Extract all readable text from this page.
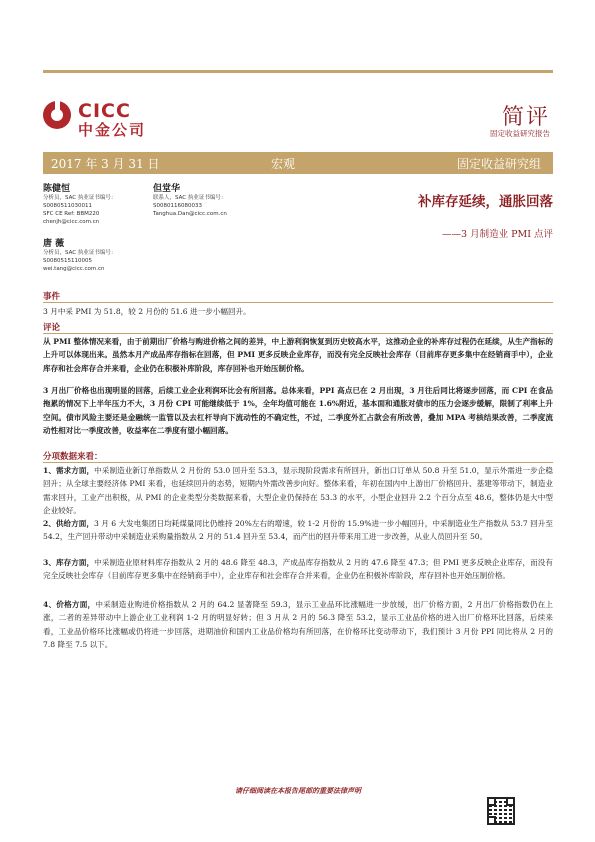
CICC
中金公司	简评
固定收益研究报告
2017 年 3 月 31 日	宏观	固定收益研究组
陈健恒
分析员，SAC 执业证书编号：
S0080511030011
SFC CE Ref: BBM220
chenjh@cicc.com.cn
但堂华
联系人，SAC 执业证书编号：
S0080116080033
Tanghua.Dan@cicc.com.cn
唐 薇
分析员，SAC 执业证书编号：
S0080515110005
wei.tang@cicc.com.cn
补库存延续，通胀回落
——3 月制造业 PMI 点评
事件
3 月中采 PMI 为 51.8，较 2 月份的 51.6 进一步小幅回升。
评论
从 PMI 整体情况来看，由于前期出厂价格与购进价格之间的差异，中上游利润恢复到历史较高水平，这推动企业的补库存过程仍在延续，从生产指标的上升可以体现出来。虽然本月产成品库存指标在回落，但 PMI 更多反映企业库存，而没有完全反映社会库存（目前库存更多集中在经销商手中），企业库存和社会库存合并来看，企业仍在积极补库阶段，库存回补也开始压制价格。
3 月出厂价格也出现明显的回落，后续工业企业利润环比会有所回落。总体来看，PPI 高点已在 2 月出现，3 月往后同比将逐步回落，而 CPI 在食品拖累的情况下上半年压力不大，3 月份 CPI 可能继续低于 1%，全年均值可能在 1.6%附近，基本面和通胀对债市的压力会逐步缓解，限制了利率上升空间。债市风险主要还是金融统一监管以及去杠杆导向下流动性的不确定性，不过，二季度外汇占款会有所改善，叠加 MPA 考核结果改善，二季度流动性相对比一季度改善，收益率在二季度有望小幅回落。
分项数据来看：
1、需求方面，中采制造业新订单指数从 2 月份的 53.0 回升至 53.3，显示现阶段需求有所回升，新出口订单从 50.8 升至 51.0，显示外需进一步企稳回升；从全球主要经济体 PMI 来看，也延续回升的态势，短期内外需改善步向好。整体来看，年初在国内中上游出厂价格回升、基建等带动下，制造业需求回升，工业产出积极，从 PMI 的企业类型分类数据来看，大型企业仍保持在 53.3 的水平，小型企业回升 2.2 个百分点至 48.6，整体仍是大中型企业较好。
2、供给方面，3 月 6 大发电集团日均耗煤量同比仍维持 20%左右的增速，较 1-2 月份的 15.9%进一步小幅回升，中采制造业生产指数从 53.7 回升至 54.2，生产回升带动中采制造业采购量指数从 2 月的 51.4 回升至 53.4，而产出的回升带来用工进一步改善，从业人员回升至 50。
3、库存方面，中采制造业原材料库存指数从 2 月的 48.6 降至 48.3，产成品库存指数从 2 月的 47.6 降至 47.3；但 PMI 更多反映企业库存，而没有完全反映社会库存（目前库存更多集中在经销商手中），企业库存和社会库存合并来看，企业仍在积极补库阶段，库存回补也开始压制价格。
4、价格方面，中采制造业购进价格指数从 2 月的 64.2 显著降至 59.3，显示工业品环比涨幅进一步放缓，出厂价格方面，2 月出厂价格指数仍在上涨，二者的差异带动中上游企业工业利润 1-2 月的明显好转；但 3 月从 2 月的 56.3 降至 53.2，显示工业品价格的进入出厂价格环比回落，后续来看，工业品价格环比涨幅或仍将进一步回落，进期油价和国内工业品价格均有所回落，在价格环比变动带动下，我们预计 3 月份 PPI 同比将从 2 月的 7.8 降至 7.5 以下。
请仔细阅读在本报告尾部的重要法律声明
